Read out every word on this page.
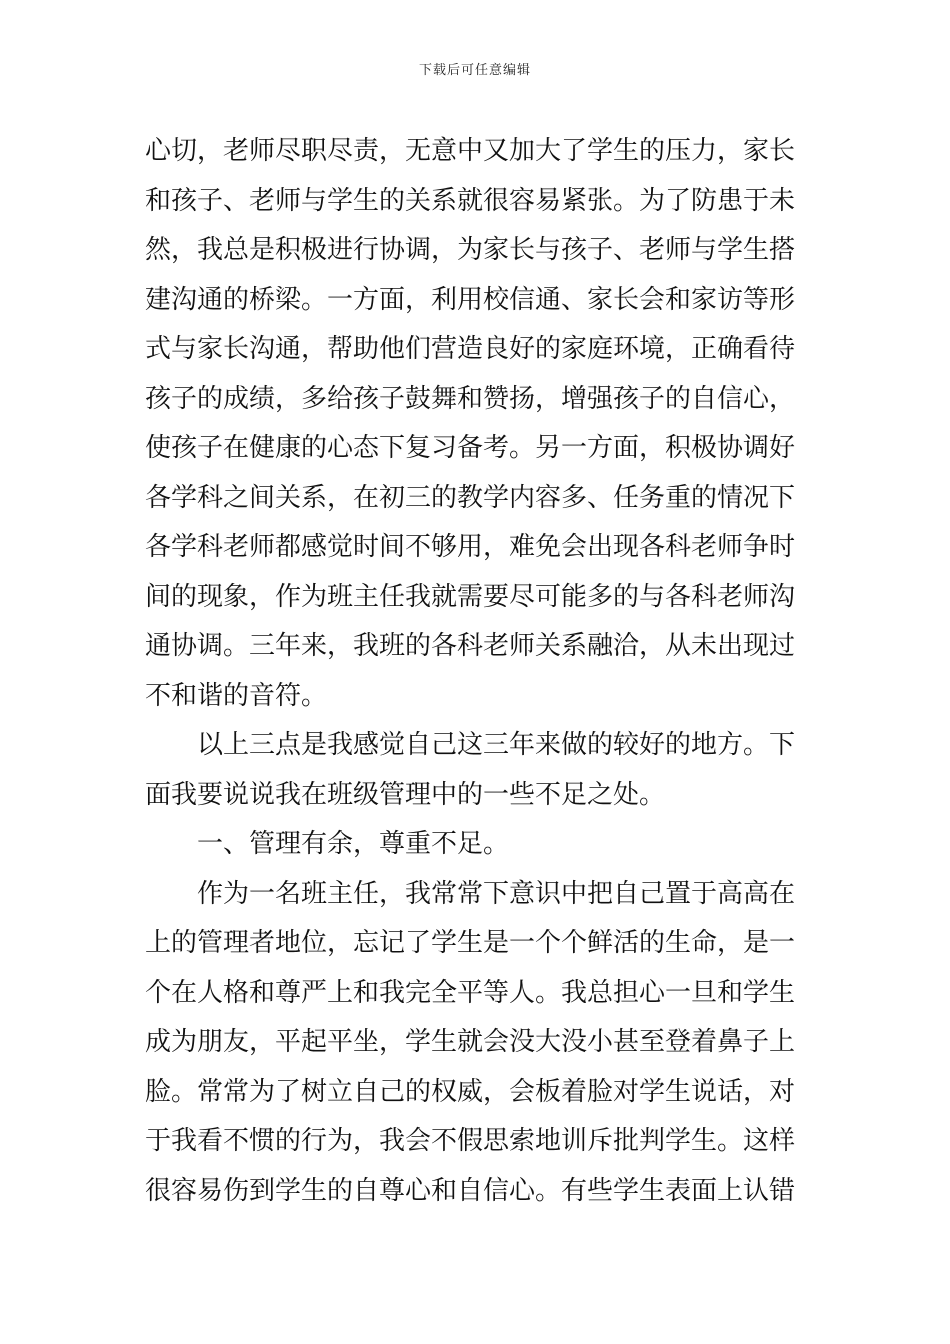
下载后可任意编辑
心切，老师尽职尽责，无意中又加大了学生的压力，家长
和孩子、老师与学生的关系就很容易紧张。为了防患于未
然，我总是积极进行协调，为家长与孩子、老师与学生搭
建沟通的桥梁。一方面，利用校信通、家长会和家访等形
式与家长沟通，帮助他们营造良好的家庭环境，正确看待
孩子的成绩，多给孩子鼓舞和赞扬，增强孩子的自信心，
使孩子在健康的心态下复习备考。另一方面，积极协调好
各学科之间关系，在初三的教学内容多、任务重的情况下
各学科老师都感觉时间不够用，难免会出现各科老师争时
间的现象，作为班主任我就需要尽可能多的与各科老师沟
通协调。三年来，我班的各科老师关系融洽，从未出现过
不和谐的音符。
以上三点是我感觉自己这三年来做的较好的地方。下
面我要说说我在班级管理中的一些不足之处。
一、管理有余，尊重不足。
作为一名班主任，我常常下意识中把自己置于高高在
上的管理者地位，忘记了学生是一个个鲜活的生命，是一
个在人格和尊严上和我完全平等人。我总担心一旦和学生
成为朋友，平起平坐，学生就会没大没小甚至登着鼻子上
脸。常常为了树立自己的权威，会板着脸对学生说话，对
于我看不惯的行为，我会不假思索地训斥批判学生。这样
很容易伤到学生的自尊心和自信心。有些学生表面上认错
